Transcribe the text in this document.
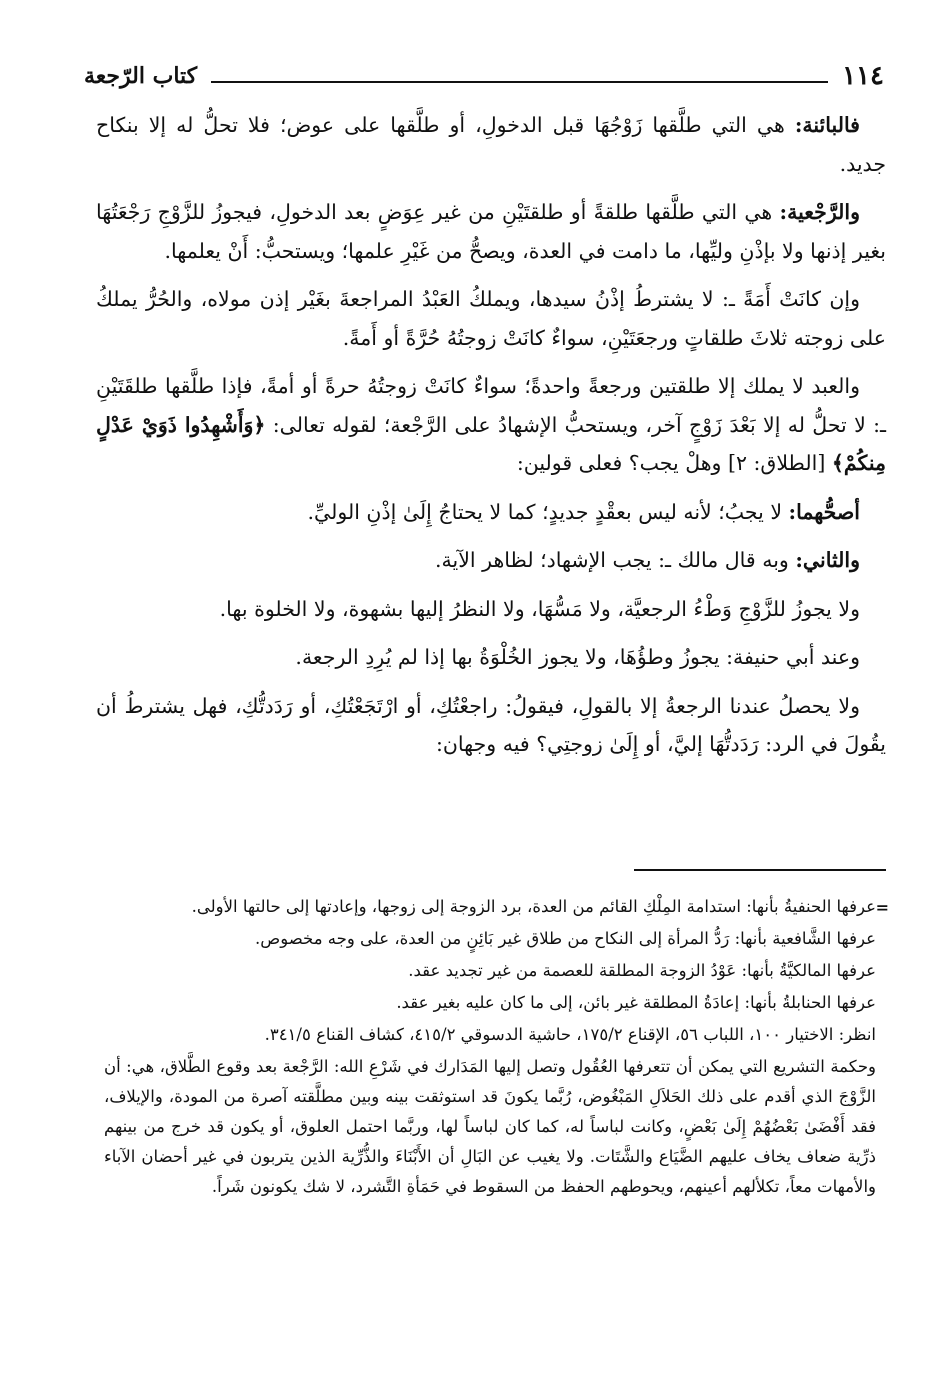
١١٤
كتاب الرّجعة

فالبائنة: هي التي طلَّقها زَوْجُهَا قبل الدخولِ، أو طلَّقها على عوض؛ فلا تحلُّ له إلا بنكاح جديد.

والرَّجْعية: هي التي طلَّقها طلقةً أو طلقتَيْنِ من غير عِوَضٍ بعد الدخولِ، فيجوزُ للزَّوْجِ رَجْعَتُهَا بغير إذنها ولا بإذْنِ وليِّها، ما دامت في العدة، ويصحُّ من غَيْرِ علمها؛ ويستحبُّ: أَنْ يعلمها.

وإن كانَتْ أَمَةً ـ: لا يشترطُ إذْنُ سيدها، ويملكُ العَبْدُ المراجعةَ بغَيْر إذن مولاه، والحُرُّ يملكُ على زوجته ثلاثَ طلقاتٍ ورجعَتَيْنِ، سواءٌ كانَتْ زوجتُهُ حُرَّةً أو أَمةً.

والعبد لا يملك إلا طلقتين ورجعةً واحدةً؛ سواءٌ كانَتْ زوجتُهُ حرةً أو أمةً، فإذا طلَّقها طلقَتَيْنِ ـ: لا تحلُّ له إلا بَعْدَ زَوْجٍ آخر، ويستحبُّ الإشهادُ على الرَّجْعة؛ لقوله تعالى: ﴿وَأَشْهِدُوا ذَوَيْ عَدْلٍ مِنكُمْ﴾ [الطلاق: ٢] وهلْ يجب؟ فعلى قولين:

أصحُّهما: لا يجبُ؛ لأنه ليس بعقْدٍ جديدٍ؛ كما لا يحتاجُ إِلَىٰ إذْنِ الوليِّ.

والثاني: وبه قال مالك ـ: يجب الإشهاد؛ لظاهر الآية.

ولا يجوزُ للزَّوْجِ وَطْءُ الرجعيَّة، ولا مَسُّهَا، ولا النظرُ إليها بشهوة، ولا الخلوة بها.

وعند أبي حنيفة: يجوزُ وطؤُهَا، ولا يجوز الخُلْوَةُ بها إذا لم يُرِدِ الرجعة.

ولا يحصلُ عندنا الرجعةُ إلا بالقولِ، فيقولُ: راجعْتُكِ، أو ارْتَجَعْتُكِ، أو رَدَدتُّكِ، فهل يشترطُ أن يقُولَ في الرد: رَدَدتُّهَا إليَّ، أو إِلَىٰ زوجتِي؟ فيه وجهان:

=

عرفها الحنفيةُ بأنها: استدامة المِلْكِ القائم من العدة، برد الزوجة إلى زوجها، وإعادتها إلى حالتها الأولى.

عرفها الشَّافعية بأنها: رَدُّ المرأة إلى النكاح من طلاق غير بَائِنٍ من العدة، على وجه مخصوص.

عرفها المالكيَّةُ بأنها: عَوْدُ الزوجة المطلقة للعصمة من غير تجديد عقد.

عرفها الحنابلةُ بأنها: إعادَةُ المطلقة غير بائن، إلى ما كان عليه بغير عقد.

انظر: الاختيار ١٠٠، اللباب ٥٦، الإقناع ١٧٥/٢، حاشية الدسوقي ٤١٥/٢، كشاف القناع ٣٤١/٥.

وحكمة التشريع التي يمكن أن تتعرفها العُقُول وتصل إليها المَدَارك في شَرْعِ الله: الرَّجْعة بعد وقوع الطَّلاق، هي: أن الزَّوْجَ الذي أقدم على ذلك الحَلاَلِ المَبْغُوض، رُبَّما يكونَ قد استوثقت بينه وبين مطلَّقته آصرة من المودة، والإيلاف، فقد أَفْضَىٰ بَعْضُهُمْ إِلَىٰ بَعْضٍ، وكانت لباساً له، كما كان لباساً لها، وربَّما احتمل العلوق، أو يكون قد خرج من بينهم ذرِّية ضعاف يخاف عليهم الضَّيَاع والشَّتَات. ولا يغيب عن البَالِ أن الأَبْنَاءَ والذُّرِّية الذين يتربون في غير أحضان الآباء والأمهات معاً، تكلألهم أعينهم، ويحوطهم الحفظ من السقوط في حَمَأةِ التَّشرد، لا شك يكونون شَراً.
